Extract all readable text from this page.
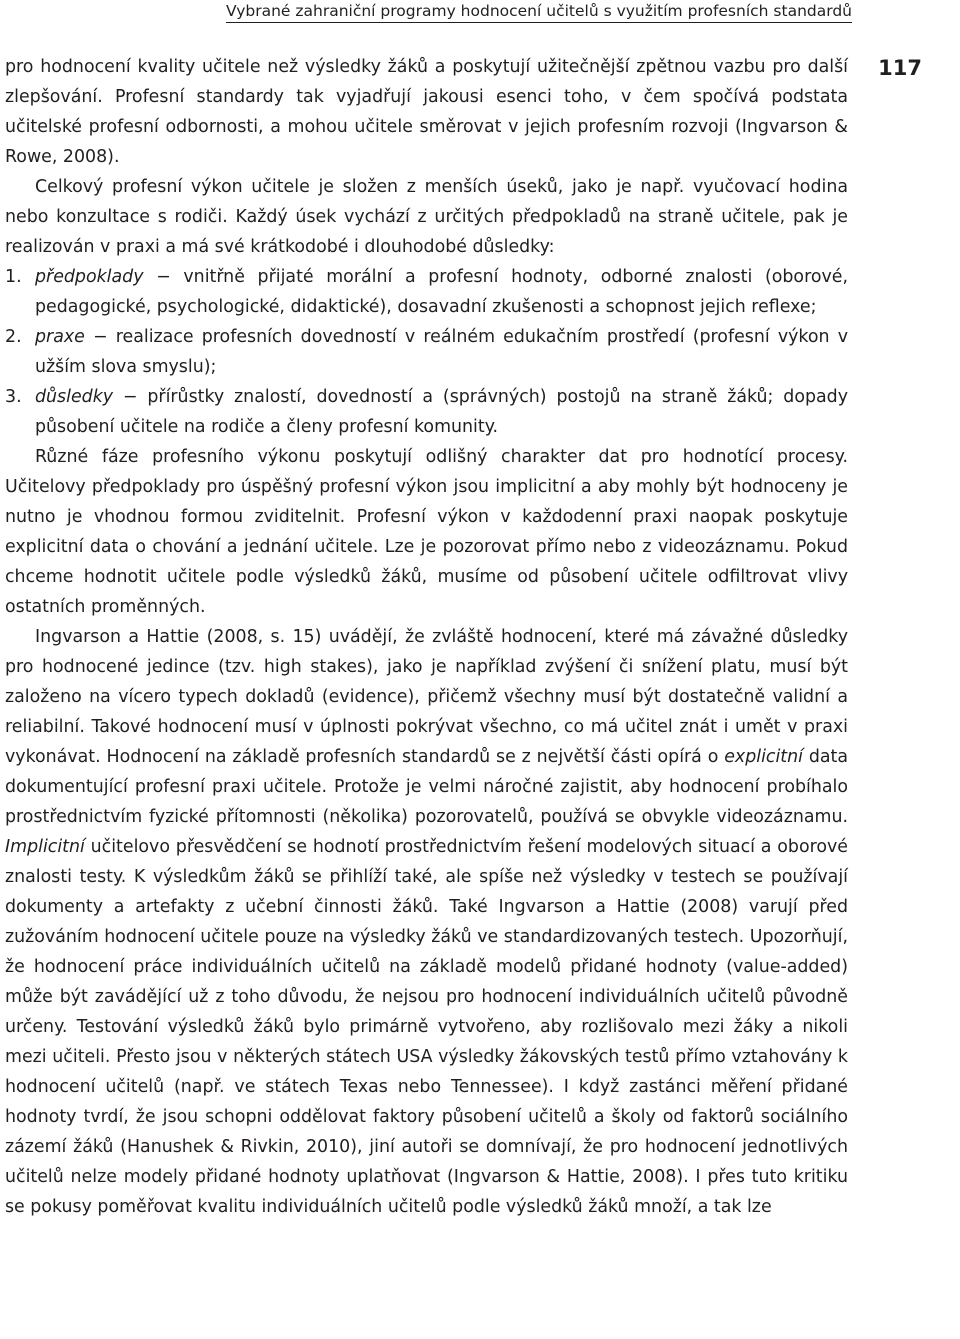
Vybrané zahraniční programy hodnocení učitelů s využitím profesních standardů
117

pro hodnocení kvality učitele než výsledky žáků a poskytují užitečnější zpětnou vazbu pro další zlepšování. Profesní standardy tak vyjadřují jakousi esenci toho, v čem spočívá podstata učitelské profesní odbornosti, a mohou učitele směrovat v jejich profesním rozvoji (Ingvarson & Rowe, 2008).

Celkový profesní výkon učitele je složen z menších úseků, jako je např. vyučovací hodina nebo konzultace s rodiči. Každý úsek vychází z určitých předpokladů na straně učitele, pak je realizován v praxi a má své krátkodobé i dlouhodobé důsledky:

1. předpoklady − vnitřně přijaté morální a profesní hodnoty, odborné znalosti (oborové, pedagogické, psychologické, didaktické), dosavadní zkušenosti a schopnost jejich reflexe;
2. praxe − realizace profesních dovedností v reálném edukačním prostředí (profesní výkon v užším slova smyslu);
3. důsledky − přírůstky znalostí, dovedností a (správných) postojů na straně žáků; dopady působení učitele na rodiče a členy profesní komunity.

Různé fáze profesního výkonu poskytují odlišný charakter dat pro hodnotící procesy. Učitelovy předpoklady pro úspěšný profesní výkon jsou implicitní a aby mohly být hodnoceny je nutno je vhodnou formou zviditelnit. Profesní výkon v každodenní praxi naopak poskytuje explicitní data o chování a jednání učitele. Lze je pozorovat přímo nebo z videozáznamu. Pokud chceme hodnotit učitele podle výsledků žáků, musíme od působení učitele odfiltrovat vlivy ostatních proměnných.

Ingvarson a Hattie (2008, s. 15) uvádějí, že zvláště hodnocení, které má závažné důsledky pro hodnocené jedince (tzv. high stakes), jako je například zvýšení či snížení platu, musí být založeno na vícero typech dokladů (evidence), přičemž všechny musí být dostatečně validní a reliabilní. Takové hodnocení musí v úplnosti pokrývat všechno, co má učitel znát i umět v praxi vykonávat. Hodnocení na základě profesních standardů se z největší části opírá o explicitní data dokumentující profesní praxi učitele. Protože je velmi náročné zajistit, aby hodnocení probíhalo prostřednictvím fyzické přítomnosti (několika) pozorovatelů, používá se obvykle videozáznamu. Implicitní učitelovo přesvědčení se hodnotí prostřednictvím řešení modelových situací a oborové znalosti testy. K výsledkům žáků se přihlíží také, ale spíše než výsledky v testech se používají dokumenty a artefakty z učební činnosti žáků. Také Ingvarson a Hattie (2008) varují před zužováním hodnocení učitele pouze na výsledky žáků ve standardizovaných testech. Upozorňují, že hodnocení práce individuálních učitelů na základě modelů přidané hodnoty (value-added) může být zavádějící už z toho důvodu, že nejsou pro hodnocení individuálních učitelů původně určeny. Testování výsledků žáků bylo primárně vytvořeno, aby rozlišovalo mezi žáky a nikoli mezi učiteli. Přesto jsou v některých státech USA výsledky žákovských testů přímo vztahovány k hodnocení učitelů (např. ve státech Texas nebo Tennessee). I když zastánci měření přidané hodnoty tvrdí, že jsou schopni oddělovat faktory působení učitelů a školy od faktorů sociálního zázemí žáků (Hanushek & Rivkin, 2010), jiní autoři se domnívají, že pro hodnocení jednotlivých učitelů nelze modely přidané hodnoty uplatňovat (Ingvarson & Hattie, 2008). I přes tuto kritiku se pokusy poměřovat kvalitu individuálních učitelů podle výsledků žáků množí, a tak lze
